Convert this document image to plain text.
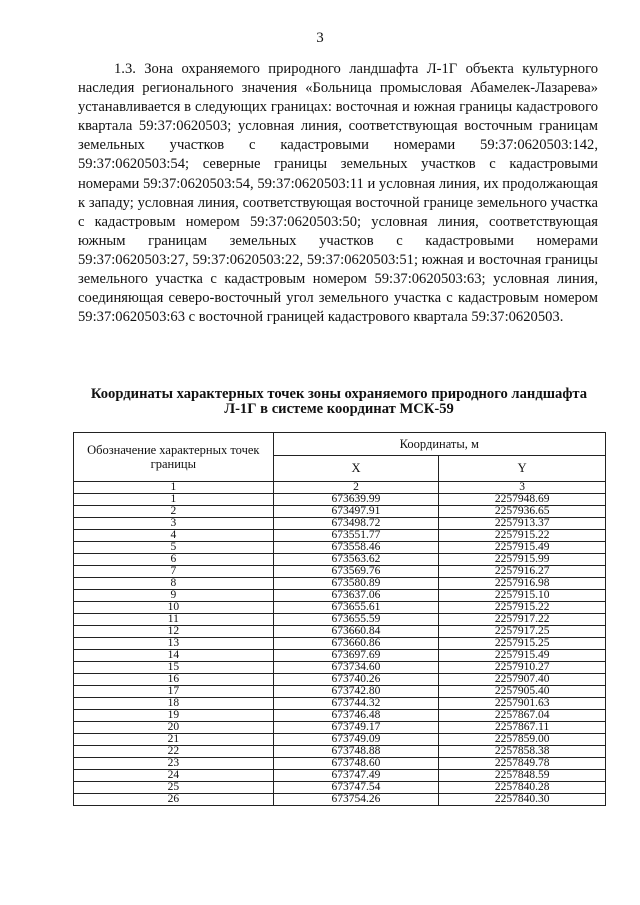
3

1.3. Зона охраняемого природного ландшафта Л-1Г объекта культурного наследия регионального значения «Больница промысловая Абамелек-Лазарева» устанавливается в следующих границах: восточная и южная границы кадастрового квартала 59:37:0620503; условная линия, соответствующая восточным границам земельных участков с кадастровыми номерами 59:37:0620503:142, 59:37:0620503:54; северные границы земельных участков с кадастровыми номерами 59:37:0620503:54, 59:37:0620503:11 и условная линия, их продолжающая к западу; условная линия, соответствующая восточной границе земельного участка с кадастровым номером 59:37:0620503:50; условная линия, соответствующая южным границам земельных участков с кадастровыми номерами 59:37:0620503:27, 59:37:0620503:22, 59:37:0620503:51; южная и восточная границы земельного участка с кадастровым номером 59:37:0620503:63; условная линия, соединяющая северо-восточный угол земельного участка с кадастровым номером 59:37:0620503:63 с восточной границей кадастрового квартала 59:37:0620503.

Координаты характерных точек зоны охраняемого природного ландшафта
Л-1Г в системе координат МСК-59
Обозначение характерных точек границы	Координаты, м	
	X	Y
1	2	3
1	673639.99	2257948.69
2	673497.91	2257936.65
3	673498.72	2257913.37
4	673551.77	2257915.22
5	673558.46	2257915.49
6	673563.62	2257915.99
7	673569.76	2257916.27
8	673580.89	2257916.98
9	673637.06	2257915.10
10	673655.61	2257915.22
11	673655.59	2257917.22
12	673660.84	2257917.25
13	673660.86	2257915.25
14	673697.69	2257915.49
15	673734.60	2257910.27
16	673740.26	2257907.40
17	673742.80	2257905.40
18	673744.32	2257901.63
19	673746.48	2257867.04
20	673749.17	2257867.11
21	673749.09	2257859.00
22	673748.88	2257858.38
23	673748.60	2257849.78
24	673747.49	2257848.59
25	673747.54	2257840.28
26	673754.26	2257840.30
